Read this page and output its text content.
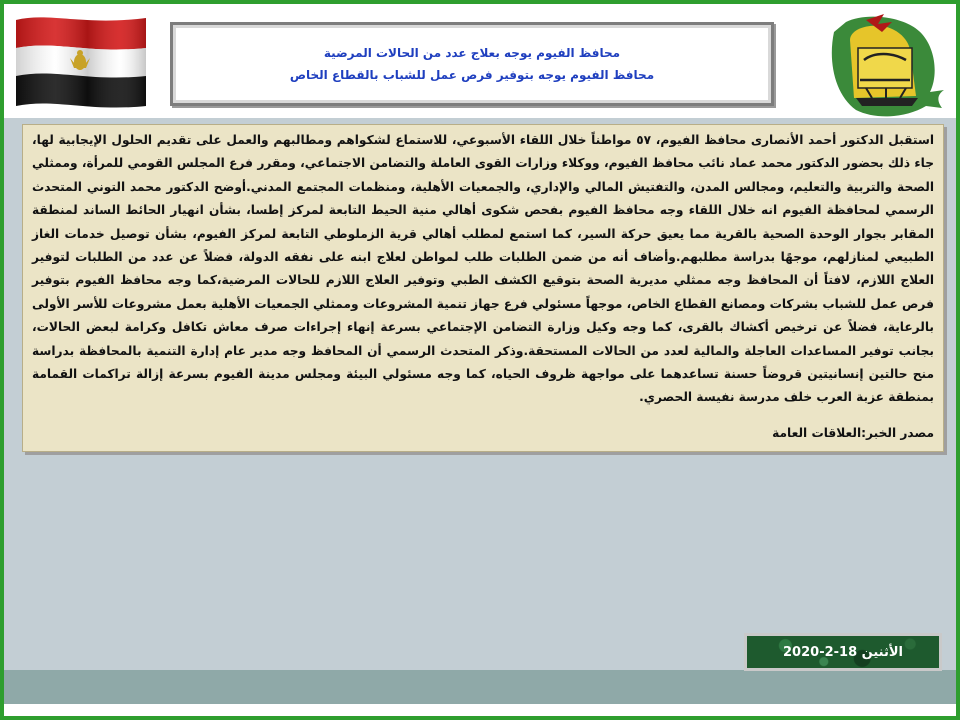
محافظ الفيوم يوجه بعلاج عدد من الحالات المرضية
محافظ الفيوم يوجه بتوفير فرص عمل للشباب بالقطاع الخاص

استقبل الدكتور أحمد الأنصارى محافظ الفيوم، ٥٧ مواطناً خلال اللقاء الأسبوعي، للاستماع لشكواهم ومطالبهم والعمل على تقديم الحلول الإيجابية لها، جاء ذلك بحضور الدكتور محمد عماد نائب محافظ الفيوم، ووكلاء وزارات القوى العاملة والتضامن الاجتماعي، ومقرر فرع المجلس القومي للمرأة، وممثلي الصحة والتربية والتعليم، ومجالس المدن، والتفتيش المالي والإداري، والجمعيات الأهلية، ومنظمات المجتمع المدني.أوضح الدكتور محمد التوني المتحدث الرسمي لمحافظة الفيوم انه خلال اللقاء وجه محافظ الفيوم بفحص شكوى أهالي منية الحيط التابعة لمركز إطسا، بشأن انهيار الحائط الساند لمنطقة المقابر بجوار الوحدة الصحية بالقرية مما يعيق حركة السير، كما استمع لمطلب أهالي قرية الزملوطي التابعة لمركز الفيوم، بشأن توصيل خدمات الغاز الطبيعي لمنازلهم، موجهًا بدراسة مطلبهم.وأضاف أنه من ضمن الطلبات طلب لمواطن لعلاج ابنه على نفقه الدولة، فضلاً عن عدد من الطلبات لتوفير العلاج اللازم، لافتاً أن المحافظ وجه ممثلي مديرية الصحة بتوقيع الكشف الطبي وتوفير العلاج اللازم للحالات المرضية،كما وجه محافظ الفيوم بتوفير فرص عمل للشباب بشركات ومصانع القطاع الخاص، موجهاً مسئولي فرع جهاز تنمية المشروعات وممثلي الجمعيات الأهلية بعمل مشروعات للأسر الأولى بالرعاية، فضلاً عن ترخيص أكشاك بالقرى، كما وجه وكيل وزارة التضامن الإجتماعي بسرعة إنهاء إجراءات صرف معاش تكافل وكرامة لبعض الحالات، بجانب توفير المساعدات العاجلة والمالية لعدد من الحالات المستحقة.وذكر المتحدث الرسمي أن المحافظ وجه مدير عام إدارة التنمية بالمحافظة بدراسة منح حالتين إنسانيتين قروضاً حسنة تساعدهما على مواجهة ظروف الحياه، كما وجه مسئولي البيئة ومجلس مدينة الفيوم بسرعة إزالة تراكمات القمامة بمنطقة عزبة العرب خلف مدرسة نفيسة الحصري.

مصدر الخبر:العلاقات العامة
الأثنين 18-2-2020
